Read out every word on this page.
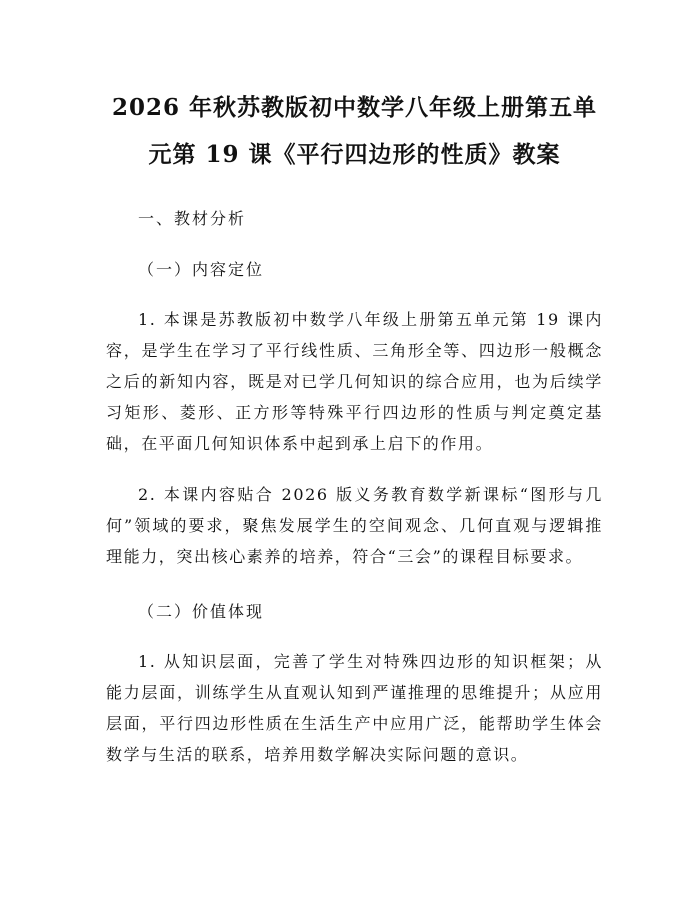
2026 年秋苏教版初中数学八年级上册第五单
元第 19 课《平行四边形的性质》教案

一、教材分析

（一）内容定位

1. 本课是苏教版初中数学八年级上册第五单元第 19 课内容，是学生在学习了平行线性质、三角形全等、四边形一般概念之后的新知内容，既是对已学几何知识的综合应用，也为后续学习矩形、菱形、正方形等特殊平行四边形的性质与判定奠定基础，在平面几何知识体系中起到承上启下的作用。

2. 本课内容贴合 2026 版义务教育数学新课标“图形与几何”领域的要求，聚焦发展学生的空间观念、几何直观与逻辑推理能力，突出核心素养的培养，符合“三会”的课程目标要求。

（二）价值体现

1. 从知识层面，完善了学生对特殊四边形的知识框架；从能力层面，训练学生从直观认知到严谨推理的思维提升；从应用层面，平行四边形性质在生活生产中应用广泛，能帮助学生体会数学与生活的联系，培养用数学解决实际问题的意识。
